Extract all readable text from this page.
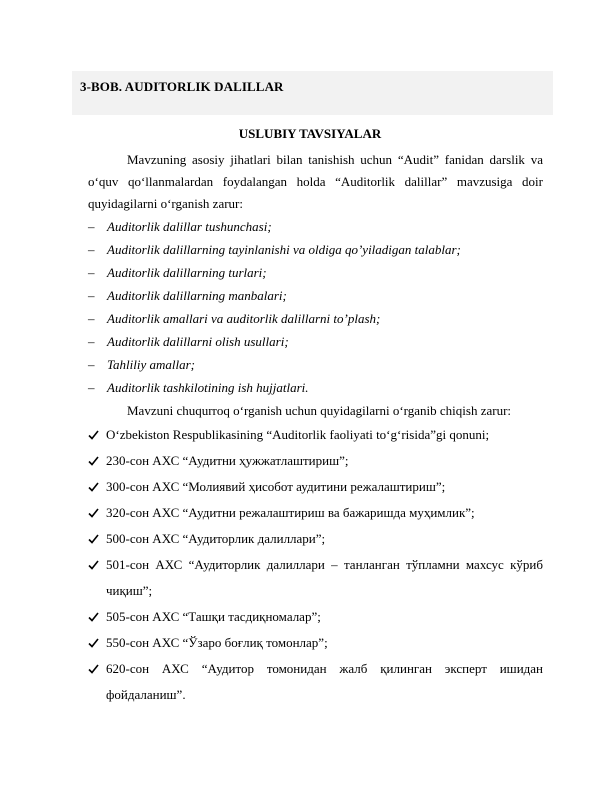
3-BOB. AUDITORLIK DALILLAR
USLUBIY TAVSIYALAR
Mavzuning asosiy jihatlari bilan tanishish uchun “Audit” fanidan darslik va
o‘quv qo‘llanmalardan foydalangan holda “Auditorlik dalillar” mavzusiga doir
quyidagilarni o‘rganish zarur:
– Auditorlik dalillar tushunchasi;
– Auditorlik dalillarning tayinlanishi va oldiga qo’yiladigan talablar;
– Auditorlik dalillarning turlari;
– Auditorlik dalillarning manbalari;
– Auditorlik amallari va auditorlik dalillarni to’plash;
– Auditorlik dalillarni olish usullari;
– Tahliliy amallar;
– Auditorlik tashkilotining ish hujjatlari.
Mavzuni chuqurroq o‘rganish uchun quyidagilarni o‘rganib chiqish zarur:
O‘zbekiston Respublikasining “Auditorlik faoliyati to‘g‘risida”gi qonuni;
230-сон АХС “Аудитни ҳужжатлаштириш”;
300-сон АХС “Молиявий ҳисобот аудитини режалаштириш”;
320-сон АХС “Аудитни режалаштириш ва бажаришда муҳимлик”;
500-сон АХС “Аудиторлик далиллари”;
501-сон АХС “Аудиторлик далиллари – танланган тўпламни махсус кўриб
чиқиш”;
505-сон АХС “Ташқи тасдиқномалар”;
550-сон АХС “Ўзаро боғлиқ томонлар”;
620-сон АХС “Аудитор томонидан жалб қилинган эксперт ишидан
фойдаланиш”.
